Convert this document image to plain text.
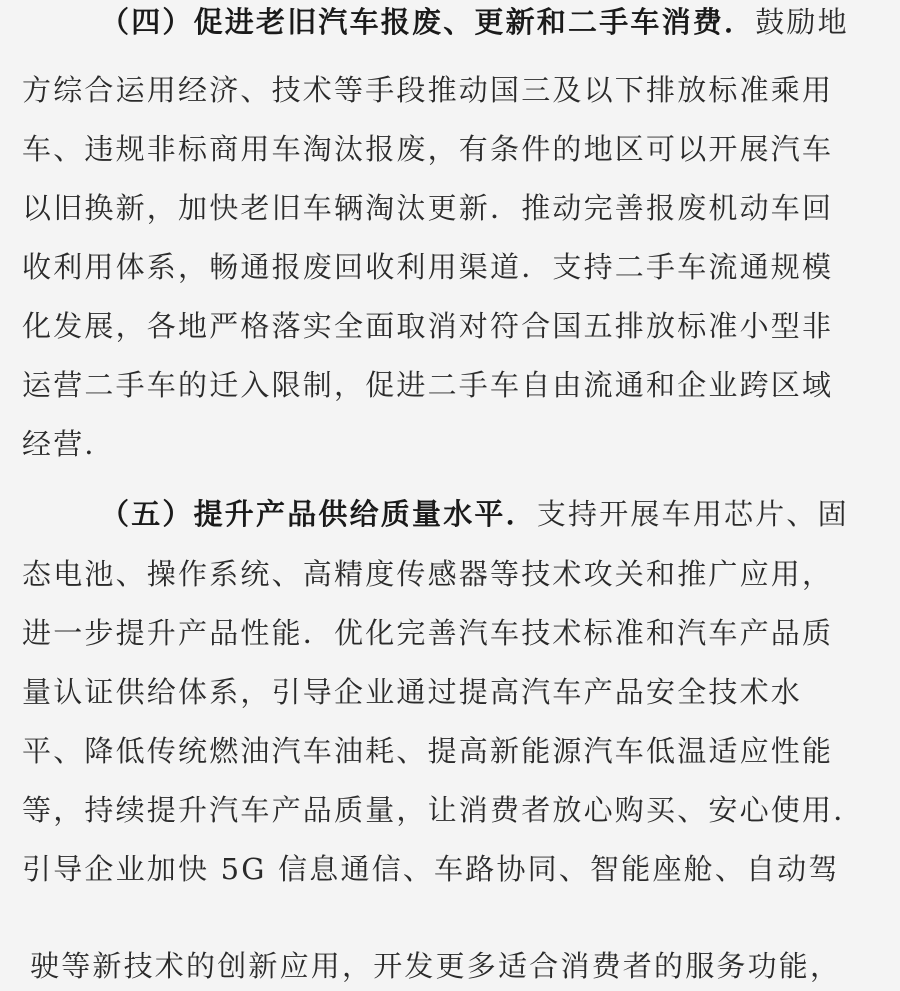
（四）促进老旧汽车报废、更新和二手车消费．鼓励地
方综合运用经济、技术等手段推动国三及以下排放标准乘用
车、违规非标商用车淘汰报废，有条件的地区可以开展汽车
以旧换新，加快老旧车辆淘汰更新．推动完善报废机动车回
收利用体系，畅通报废回收利用渠道．支持二手车流通规模
化发展，各地严格落实全面取消对符合国五排放标准小型非
运营二手车的迁入限制，促进二手车自由流通和企业跨区域
经营．
（五）提升产品供给质量水平．支持开展车用芯片、固
态电池、操作系统、高精度传感器等技术攻关和推广应用，
进一步提升产品性能．优化完善汽车技术标准和汽车产品质
量认证供给体系，引导企业通过提高汽车产品安全技术水
平、降低传统燃油汽车油耗、提高新能源汽车低温适应性能
等，持续提升汽车产品质量，让消费者放心购买、安心使用．
引导企业加快 5G 信息通信、车路协同、智能座舱、自动驾
驶等新技术的创新应用，开发更多适合消费者的服务功能，
